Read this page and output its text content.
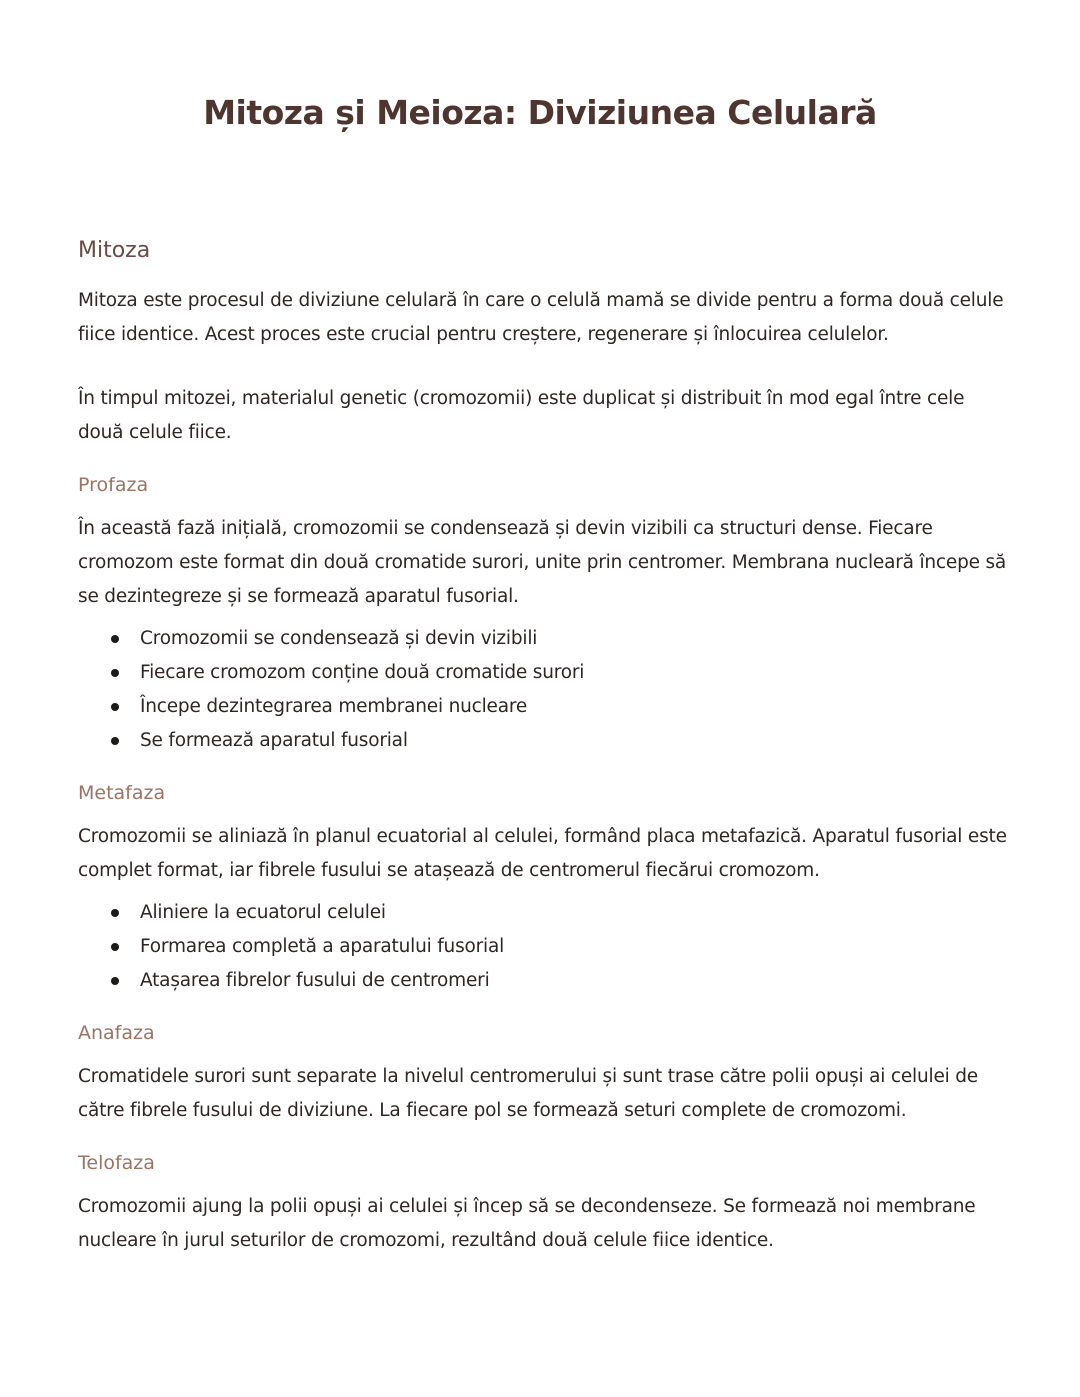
Mitoza și Meioza: Diviziunea Celulară
Mitoza

Mitoza este procesul de diviziune celulară în care o celulă mamă se divide pentru a forma două celule fiice identice. Acest proces este crucial pentru creștere, regenerare și înlocuirea celulelor.

În timpul mitozei, materialul genetic (cromozomii) este duplicat și distribuit în mod egal între cele două celule fiice.

Profaza

În această fază inițială, cromozomii se condensează și devin vizibili ca structuri dense. Fiecare cromozom este format din două cromatide surori, unite prin centromer. Membrana nucleară începe să se dezintegreze și se formează aparatul fusorial.

Cromozomii se condensează și devin vizibili
Fiecare cromozom conține două cromatide surori
Începe dezintegrarea membranei nucleare
Se formează aparatul fusorial
Metafaza

Cromozomii se aliniază în planul ecuatorial al celulei, formând placa metafazică. Aparatul fusorial este complet format, iar fibrele fusului se atașează de centromerul fiecărui cromozom.

Aliniere la ecuatorul celulei
Formarea completă a aparatului fusorial
Atașarea fibrelor fusului de centromeri
Anafaza

Cromatidele surori sunt separate la nivelul centromerului și sunt trase către polii opuși ai celulei de către fibrele fusului de diviziune. La fiecare pol se formează seturi complete de cromozomi.

Telofaza

Cromozomii ajung la polii opuși ai celulei și încep să se decondenseze. Se formează noi membrane nucleare în jurul seturilor de cromozomi, rezultând două celule fiice identice.
